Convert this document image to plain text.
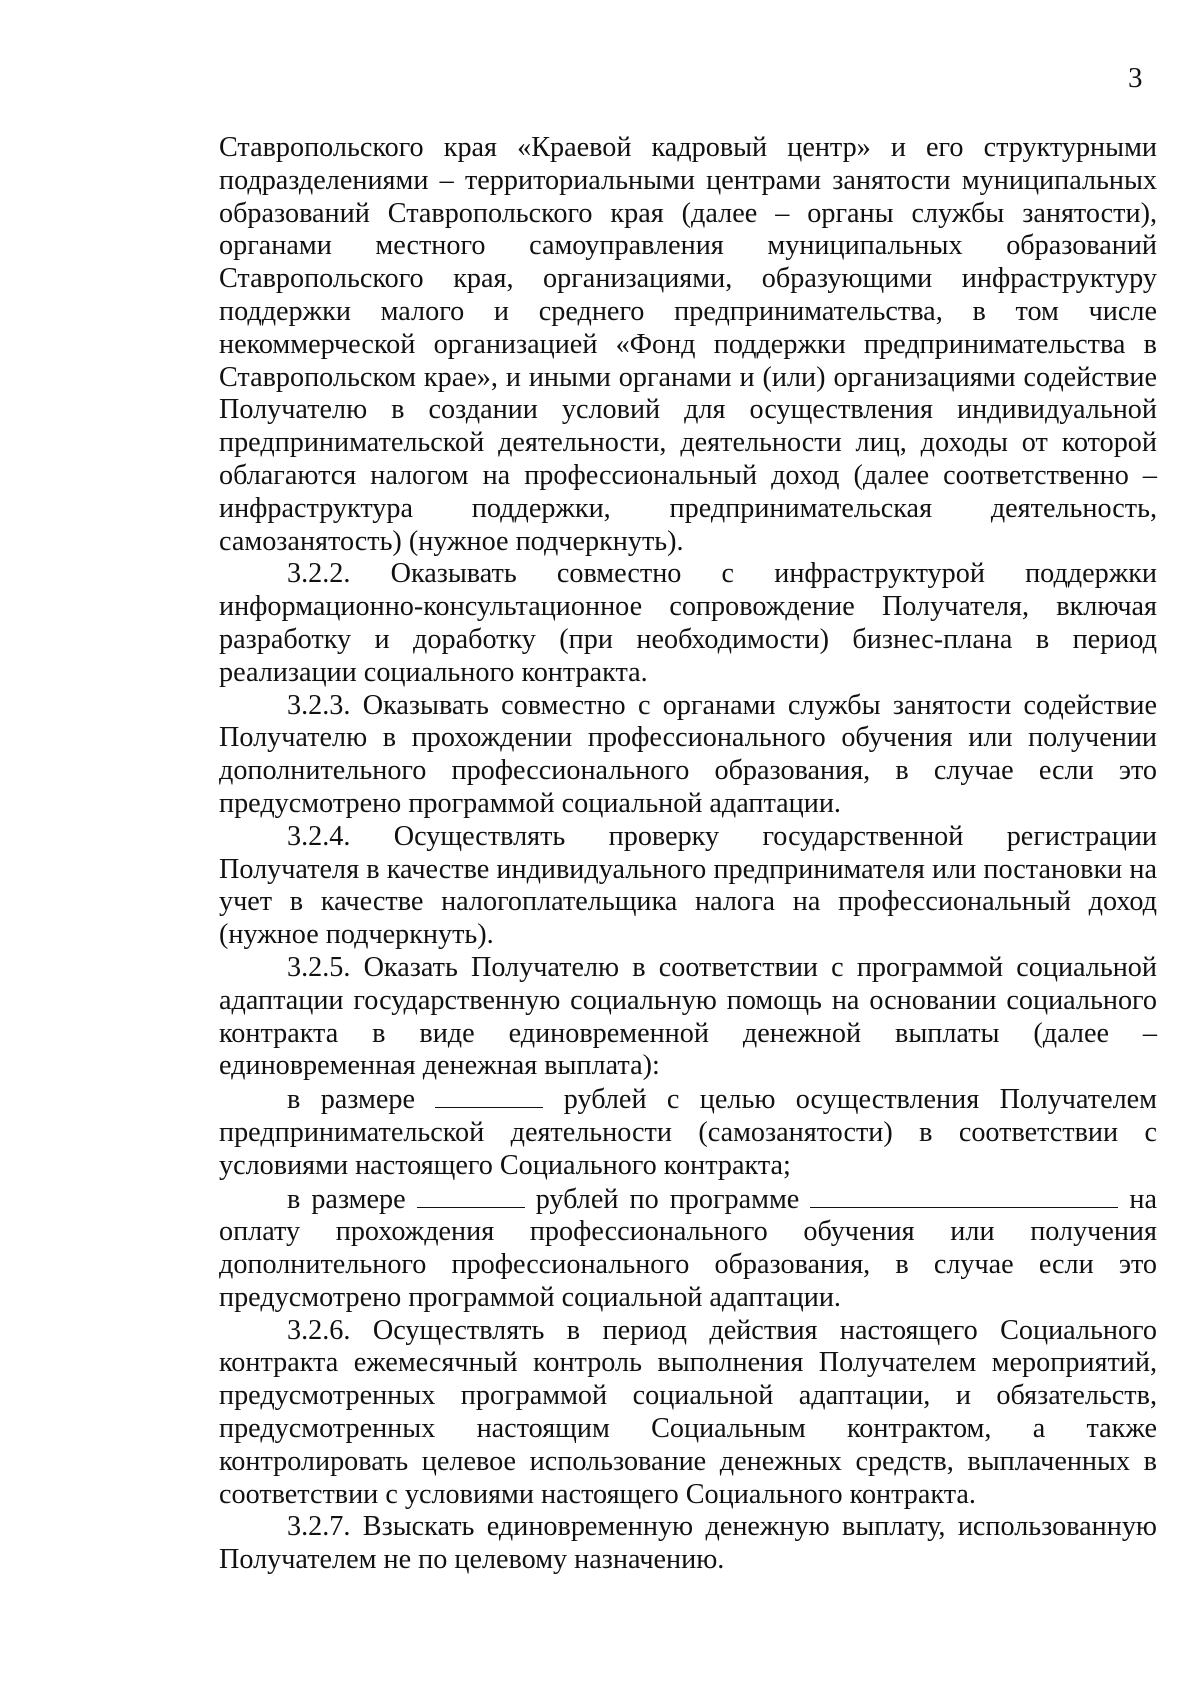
3

Ставропольского края «Краевой кадровый центр» и его структурными подразделениями – территориальными центрами занятости муниципальных образований Ставропольского края (далее – органы службы занятости), органами местного самоуправления муниципальных образований Ставропольского края, организациями, образующими инфраструктуру поддержки малого и среднего предпринимательства, в том числе некоммерческой организацией «Фонд поддержки предпринимательства в Ставропольском крае», и иными органами и (или) организациями содействие Получателю в создании условий для осуществления индивидуальной предпринимательской деятельности, деятельности лиц, доходы от которой облагаются налогом на профессиональный доход (далее соответственно – инфраструктура поддержки, предпринимательская деятельность, самозанятость) (нужное подчеркнуть).

3.2.2. Оказывать совместно с инфраструктурой поддержки информационно-консультационное сопровождение Получателя, включая разработку и доработку (при необходимости) бизнес-плана в период реализации социального контракта.

3.2.3. Оказывать совместно с органами службы занятости содействие Получателю в прохождении профессионального обучения или получении дополнительного профессионального образования, в случае если это предусмотрено программой социальной адаптации.

3.2.4. Осуществлять проверку государственной регистрации Получателя в качестве индивидуального предпринимателя или постановки на учет в качестве налогоплательщика налога на профессиональный доход (нужное подчеркнуть).

3.2.5. Оказать Получателю в соответствии с программой социальной адаптации государственную социальную помощь на основании социального контракта в виде единовременной денежной выплаты (далее – единовременная денежная выплата):

в размере	рублей с целью осуществления Получателем предпринимательской деятельности (самозанятости) в соответствии с условиями настоящего Социального контракта;

в размере	рублей по программе	на оплату прохождения профессионального обучения или получения дополнительного профессионального образования, в случае если это предусмотрено программой социальной адаптации.

3.2.6. Осуществлять в период действия настоящего Социального контракта ежемесячный контроль выполнения Получателем мероприятий, предусмотренных программой социальной адаптации, и обязательств, предусмотренных настоящим Социальным контрактом, а также контролировать целевое использование денежных средств, выплаченных в соответствии с условиями настоящего Социального контракта.

3.2.7. Взыскать единовременную денежную выплату, использованную Получателем не по целевому назначению.
